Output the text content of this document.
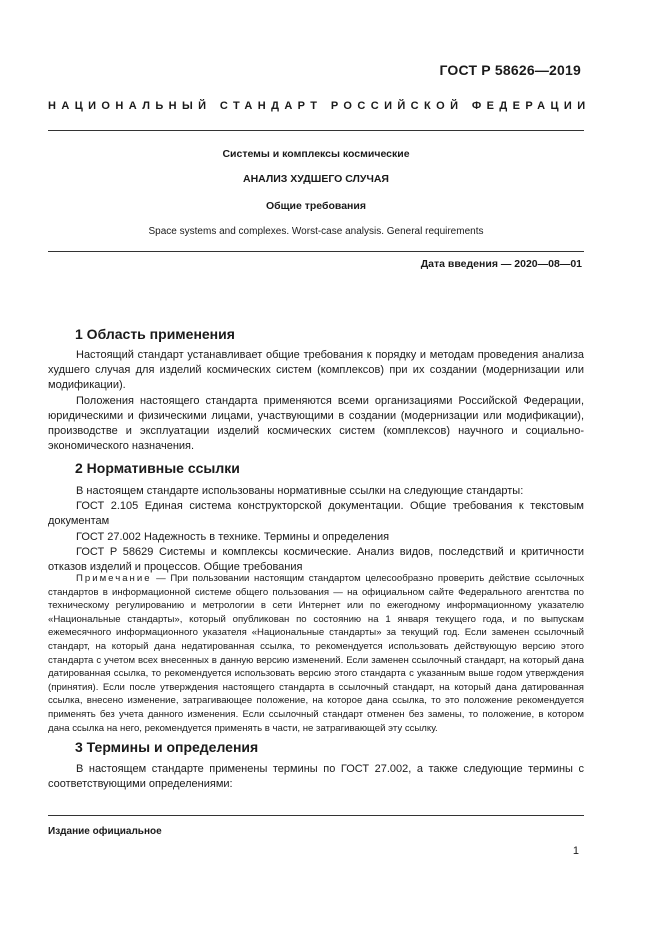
ГОСТ Р 58626—2019
НАЦИОНАЛЬНЫЙ СТАНДАРТ РОССИЙСКОЙ ФЕДЕРАЦИИ
Системы и комплексы космические
АНАЛИЗ ХУДШЕГО СЛУЧАЯ
Общие требования
Space systems and complexes. Worst-case analysis. General requirements
Дата введения — 2020—08—01
1 Область применения

Настоящий стандарт устанавливает общие требования к порядку и методам проведения анализа худшего случая для изделий космических систем (комплексов) при их создании (модернизации или модификации).

Положения настоящего стандарта применяются всеми организациями Российской Федерации, юридическими и физическими лицами, участвующими в создании (модернизации или модификации), производстве и эксплуатации изделий космических систем (комплексов) научного и социально-экономического назначения.

2 Нормативные ссылки

В настоящем стандарте использованы нормативные ссылки на следующие стандарты:

ГОСТ 2.105 Единая система конструкторской документации. Общие требования к текстовым документам

ГОСТ 27.002 Надежность в технике. Термины и определения

ГОСТ Р 58629 Системы и комплексы космические. Анализ видов, последствий и критичности отказов изделий и процессов. Общие требования

Примечание — При пользовании настоящим стандартом целесообразно проверить действие ссылочных стандартов в информационной системе общего пользования — на официальном сайте Федерального агентства по техническому регулированию и метрологии в сети Интернет или по ежегодному информационному указателю «Национальные стандарты», который опубликован по состоянию на 1 января текущего года, и по выпускам ежемесячного информационного указателя «Национальные стандарты» за текущий год. Если заменен ссылочный стандарт, на который дана недатированная ссылка, то рекомендуется использовать действующую версию этого стандарта с учетом всех внесенных в данную версию изменений. Если заменен ссылочный стандарт, на который дана датированная ссылка, то рекомендуется использовать версию этого стандарта с указанным выше годом утверждения (принятия). Если после утверждения настоящего стандарта в ссылочный стандарт, на который дана датированная ссылка, внесено изменение, затрагивающее положение, на которое дана ссылка, то это положение рекомендуется применять без учета данного изменения. Если ссылочный стандарт отменен без замены, то положение, в котором дана ссылка на него, рекомендуется применять в части, не затрагивающей эту ссылку.

3 Термины и определения

В настоящем стандарте применены термины по ГОСТ 27.002, а также следующие термины с соответствующими определениями:

Издание официальное
1
